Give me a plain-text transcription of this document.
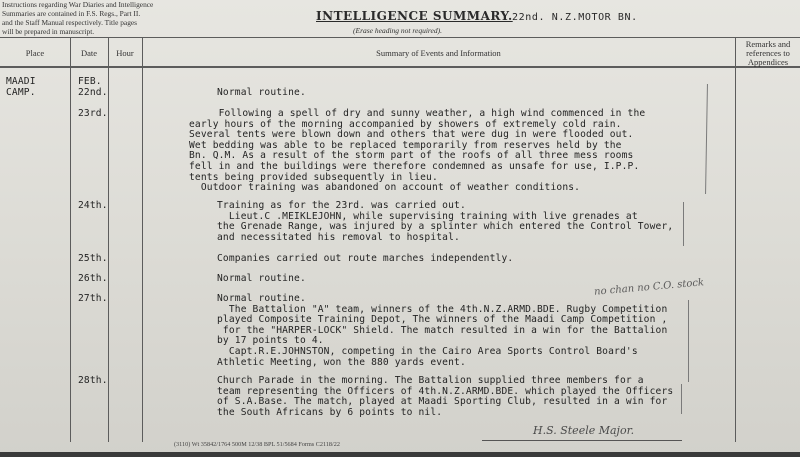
Instructions regarding War Diaries and Intelligence
Summaries are contained in F.S. Regs., Part II.
and the Staff Manual respectively. Title pages
will be prepared in manuscript.
INTELLIGENCE SUMMARY.
(Erase heading not required).
22nd. N.Z.MOTOR BN.
Place	Date	Hour	Summary of Events and Information
Remarks and references to Appendices
MAADI
CAMP.
FEB.
22nd.	Normal routine.
23rd.	Following a spell of dry and sunny weather, a high wind commenced in the
early hours of the morning accompanied by showers of extremely cold rain.
Several tents were blown down and others that were dug in were flooded out.
Wet bedding was able to be replaced temporarily from reserves held by the
Bn. Q.M. As a result of the storm part of the roofs of all three mess rooms
fell in and the buildings were therefore condemned as unsafe for use, I.P.P.
tents being provided subsequently in lieu.
Outdoor training was abandoned on account of weather conditions.
24th.	Training as for the 23rd. was carried out.
Lieut.C .MEIKLEJOHN, while supervising training with live grenades at
the Grenade Range, was injured by a splinter which entered the Control Tower,
and necessitated his removal to hospital.
25th.	Companies carried out route marches independently.
26th.	Normal routine.
27th.	Normal routine.
The Battalion "A" team, winners of the 4th.N.Z.ARMD.BDE. Rugby Competition
played Composite Training Depot, The winners of the Maadi Camp Competition ,
for the "HARPER-LOCK" Shield. The match resulted in a win for the Battalion
by 17 points to 4.
Capt.R.E.JOHNSTON, competing in the Cairo Area Sports Control Board's
Athletic Meeting, won the 880 yards event.
28th.	Church Parade in the morning. The Battalion supplied three members for a
team representing the Officers of 4th.N.Z.ARMD.BDE. which played the Officers
of S.A.Base. The match, played at Maadi Sporting Club, resulted in a win for
the South Africans by 6 points to nil.
no chan no C.O. stock
H.S. Steele Major.
(3110) Wt 35842/1764 500M 12/38 BPL 51/5684 Forms C2118/22
